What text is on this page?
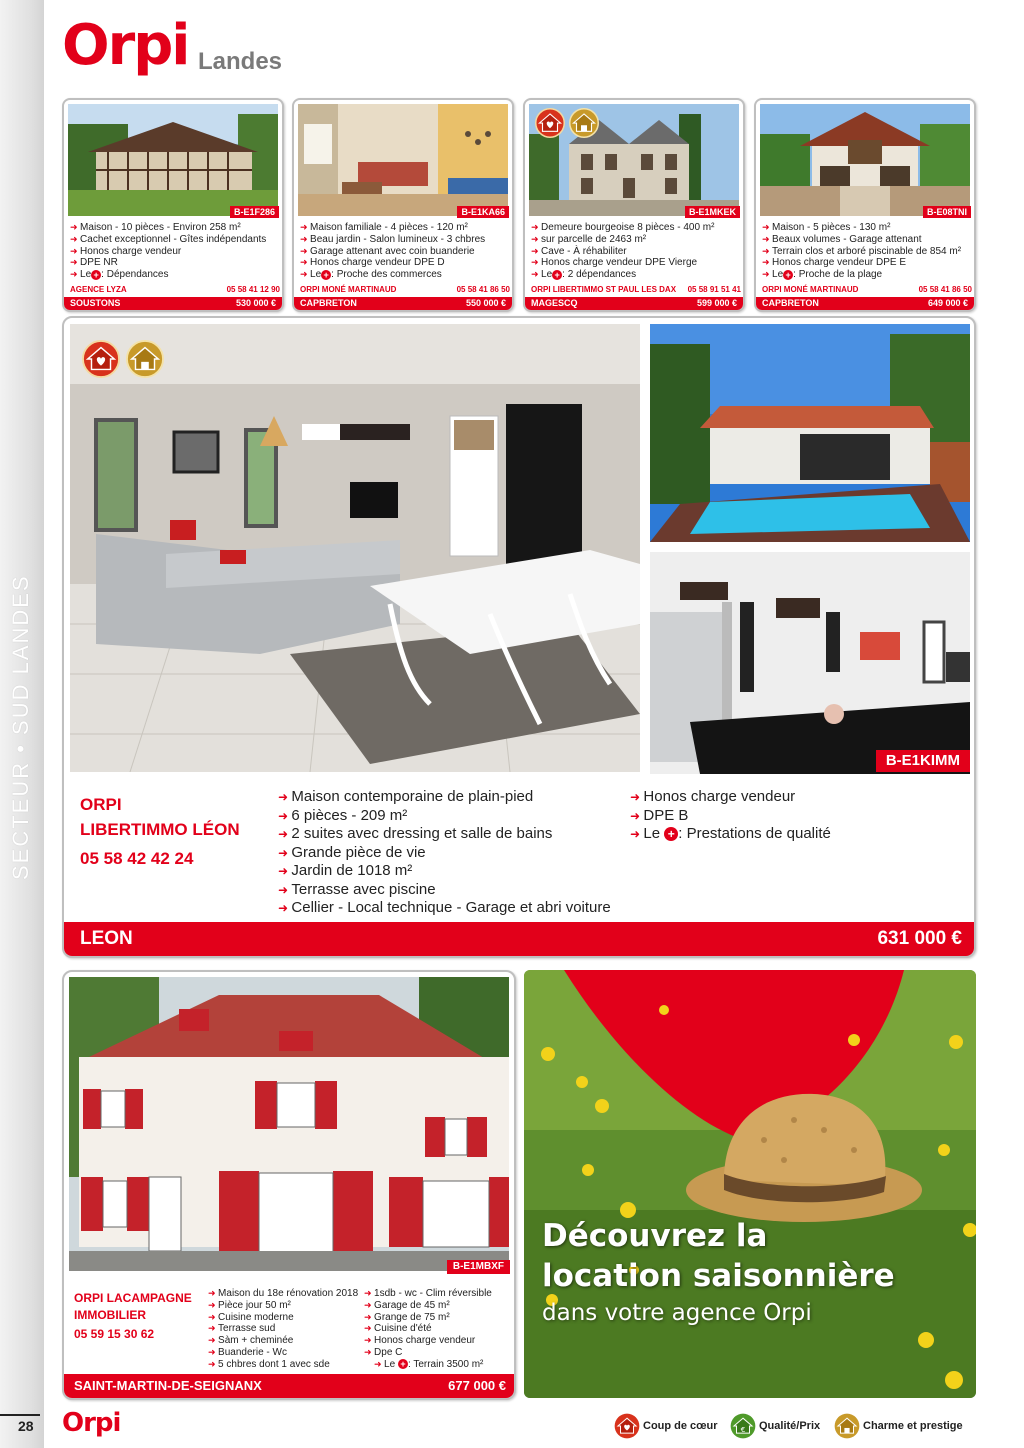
SECTEUR • SUD LANDES
Orpi Landes
B-E1F286
➜ Maison - 10 pièces - Environ 258 m²
➜ Cachet exceptionnel - Gîtes indépendants
➜ Honos charge vendeur
➜ DPE NR
➜ Le + : Dépendances
AGENCE LYZA	05 58 41 12 90
SOUSTONS	530 000 €
B-E1KA66
➜ Maison familiale - 4 pièces - 120 m²
➜ Beau jardin - Salon lumineux - 3 chbres
➜ Garage attenant avec coin buanderie
➜ Honos charge vendeur DPE D
➜ Le + : Proche des commerces
ORPI MONÉ MARTINAUD	05 58 41 86 50
CAPBRETON	550 000 €
B-E1MKEK
➜ Demeure bourgeoise 8 pièces - 400 m²
➜ sur parcelle de 2463 m²
➜ Cave - À réhabiliter
➜ Honos charge vendeur DPE Vierge
➜ Le + : 2 dépendances
ORPI LIBERTIMMO ST PAUL LES DAX 05 58 91 51 41
MAGESCQ	599 000 €
B-E08TNI
➜ Maison - 5 pièces - 130 m²
➜ Beaux volumes - Garage attenant
➜ Terrain clos et arboré piscinable de 854 m²
➜ Honos charge vendeur DPE E
➜ Le + : Proche de la plage
ORPI MONÉ MARTINAUD	05 58 41 86 50
CAPBRETON	649 000 €
B-E1KIMM
ORPI
LIBERTIMMO LÉON
05 58 42 42 24
➜ Maison contemporaine de plain-pied
➜ 6 pièces - 209 m²
➜ 2 suites avec dressing et salle de bains
➜ Grande pièce de vie
➜ Jardin de 1018 m²
➜ Terrasse avec piscine
➜ Cellier - Local technique - Garage et abri voiture
➜ Honos charge vendeur
➜ DPE B
➜ Le + : Prestations de qualité
LEON	631 000 €
B-E1MBXF
ORPI LACAMPAGNE
IMMOBILIER
05 59 15 30 62
➜ Maison du 18e rénovation 2018
➜ Pièce jour 50 m²
➜ Cuisine moderne
➜ Terrasse sud
➜ Sàm + cheminée
➜ Buanderie - Wc
➜ 5 chbres dont 1 avec sde
➜ 1sdb - wc - Clim réversible
➜ Garage de 45 m²
➜ Grange de 75 m²
➜ Cuisine d'été
➜ Honos charge vendeur
➜ Dpe C
➜ Le + : Terrain 3500 m²
SAINT-MARTIN-DE-SEIGNANX	677 000 €
Découvrez la
location saisonnière
dans votre agence Orpi
28 Orpi	Coup de cœur € Qualité/Prix	Charme et prestige
